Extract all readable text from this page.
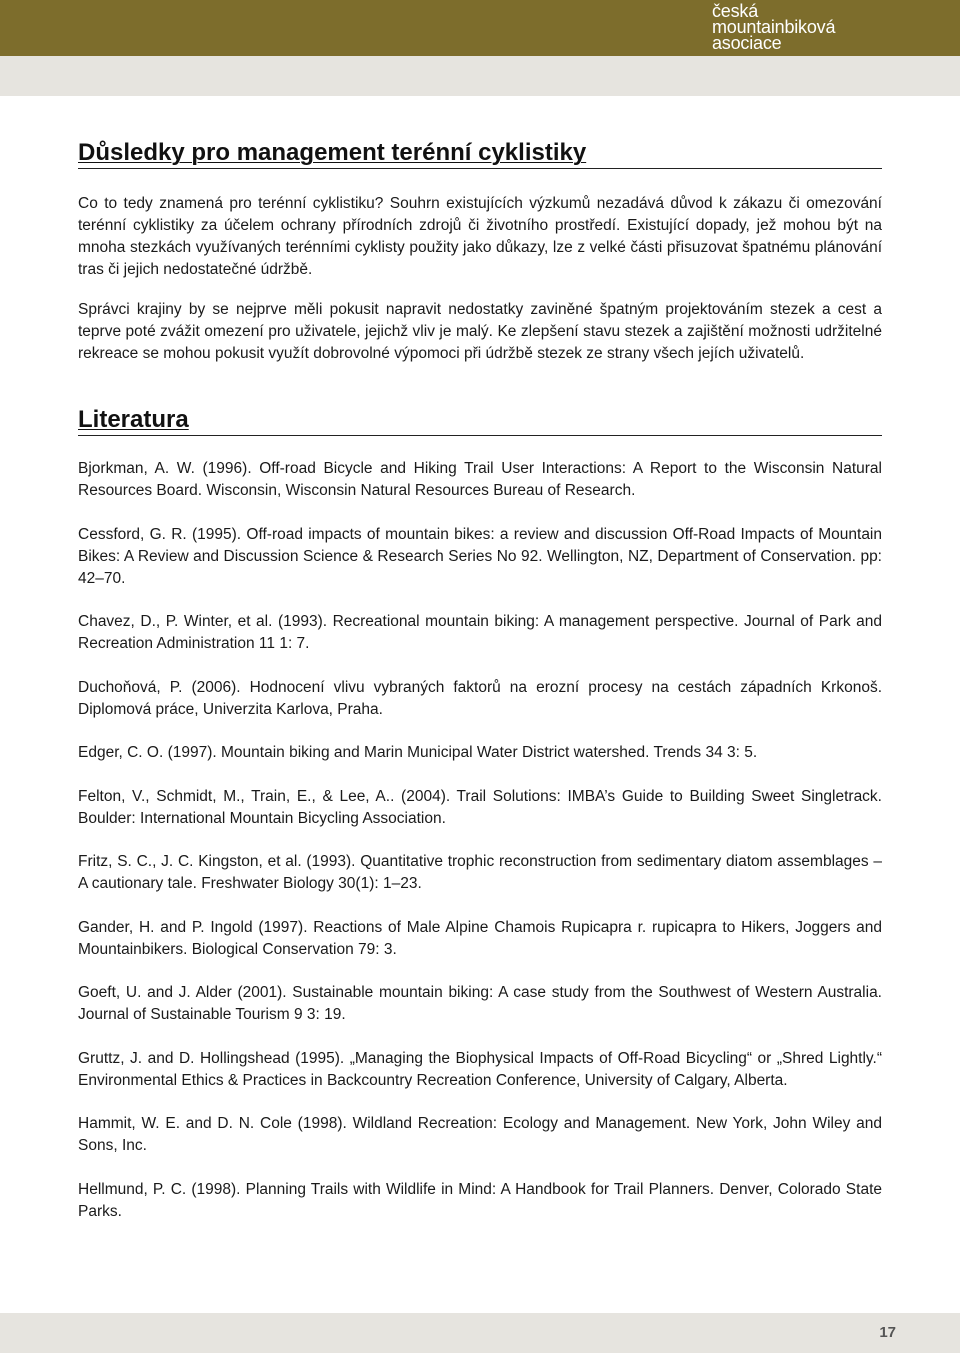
česká
mountainbiková
asociace
Důsledky pro management terénní cyklistiky

Co to tedy znamená pro terénní cyklistiku? Souhrn existujících výzkumů nezadává důvod k zákazu či omezování terénní cyklistiky za účelem ochrany přírodních zdrojů či životního prostředí. Existující dopady, jež mohou být na mnoha stezkách využívaných terénními cyklisty použity jako důkazy, lze z velké části přisuzovat špatnému plánování tras či jejich nedostatečné údržbě.

Správci krajiny by se nejprve měli pokusit napravit nedostatky zaviněné špatným projektováním stezek a cest a teprve poté zvážit omezení pro uživatele, jejichž vliv je malý. Ke zlepšení stavu stezek a zajištění možnosti udržitelné rekreace se mohou pokusit využít dobrovolné výpomoci při údržbě stezek ze strany všech jejích uživatelů.

Literatura

Bjorkman, A. W. (1996). Off-road Bicycle and Hiking Trail User Interactions: A Report to the Wisconsin Natural Resources Board. Wisconsin, Wisconsin Natural Resources Bureau of Research.

Cessford, G. R. (1995). Off-road impacts of mountain bikes: a review and discussion Off-Road Impacts of Mountain Bikes: A Review and Discussion Science & Research Series No 92. Wellington, NZ, Department of Conservation. pp: 42–70.

Chavez, D., P. Winter, et al. (1993). Recreational mountain biking: A management perspective. Journal of Park and Recreation Administration 11 1: 7.

Duchoňová, P. (2006). Hodnocení vlivu vybraných faktorů na erozní procesy na cestách západních Krkonoš. Diplomová práce, Univerzita Karlova, Praha.

Edger, C. O. (1997). Mountain biking and Marin Municipal Water District watershed. Trends 34 3: 5.

Felton, V., Schmidt, M., Train, E., & Lee, A.. (2004). Trail Solutions: IMBA’s Guide to Building Sweet Singletrack. Boulder: International Mountain Bicycling Association.

Fritz, S. C., J. C. Kingston, et al. (1993). Quantitative trophic reconstruction from sedimentary diatom assemblages – A cautionary tale. Freshwater Biology 30(1): 1–23.

Gander, H. and P. Ingold (1997). Reactions of Male Alpine Chamois Rupicapra r. rupicapra to Hikers, Joggers and Mountainbikers. Biological Conservation 79: 3.

Goeft, U. and J. Alder (2001). Sustainable mountain biking: A case study from the Southwest of Western Australia. Journal of Sustainable Tourism 9 3: 19.

Gruttz, J. and D. Hollingshead (1995). „Managing the Biophysical Impacts of Off-Road Bicycling“ or „Shred Lightly.“ Environmental Ethics & Practices in Backcountry Recreation Conference, University of Calgary, Alberta.

Hammit, W. E. and D. N. Cole (1998). Wildland Recreation: Ecology and Management. New York, John Wiley and Sons, Inc.

Hellmund, P. C. (1998). Planning Trails with Wildlife in Mind: A Handbook for Trail Planners. Denver, Colorado State Parks.

17
